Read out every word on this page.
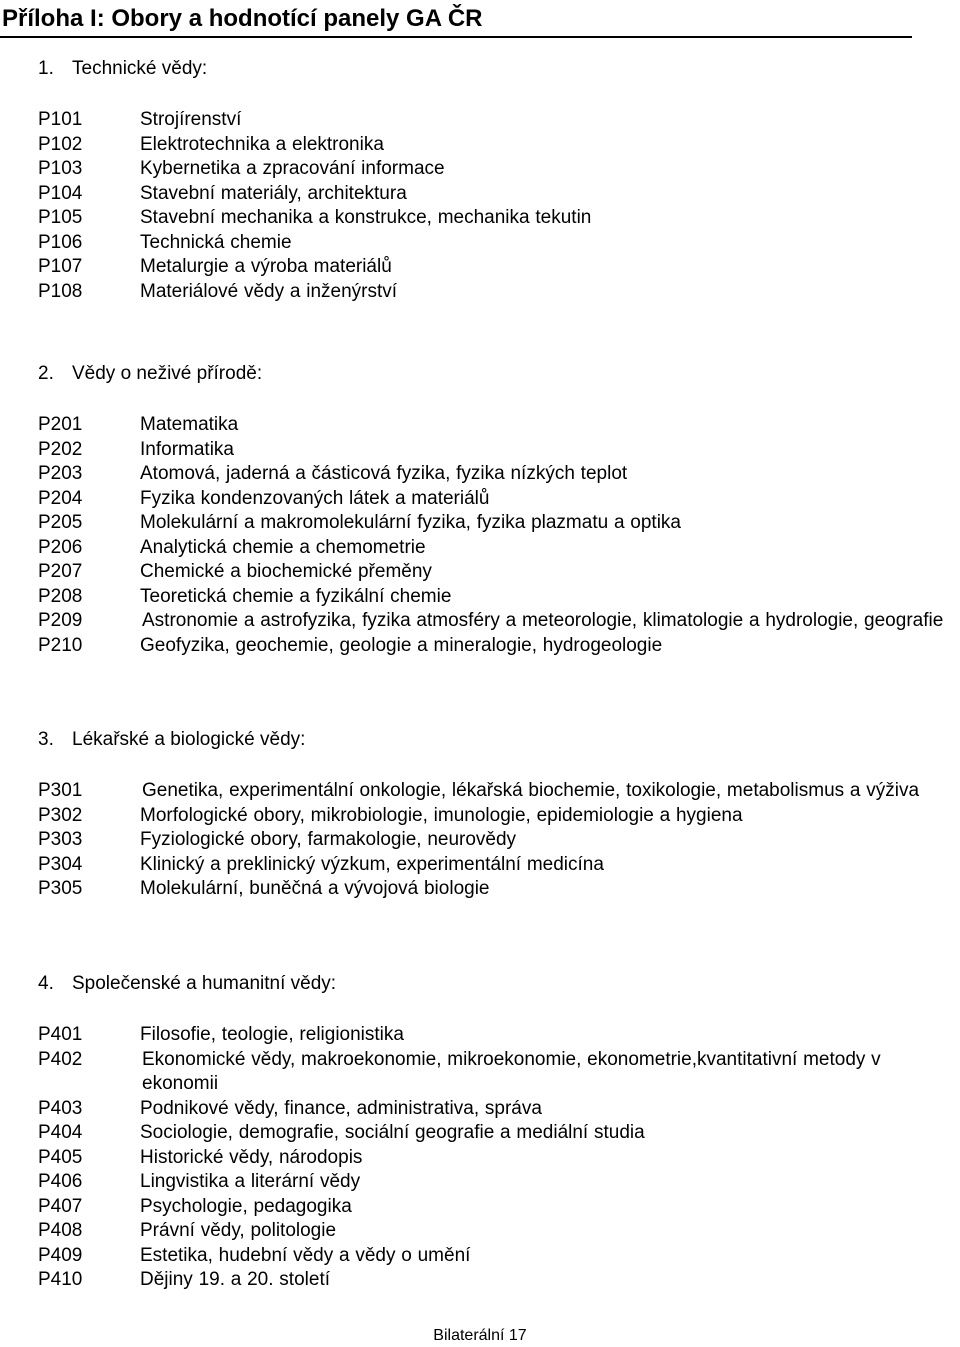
Příloha I: Obory a hodnotící panely GA ČR
1. Technické vědy:
P101	Strojírenství
P102	Elektrotechnika a elektronika
P103	Kybernetika a zpracování informace
P104	Stavební materiály, architektura
P105	Stavební mechanika a konstrukce, mechanika tekutin
P106	Technická chemie
P107	Metalurgie a výroba materiálů
P108	Materiálové vědy a inženýrství
2. Vědy o neživé přírodě:
P201	Matematika
P202	Informatika
P203	Atomová, jaderná a částicová fyzika, fyzika nízkých teplot
P204	Fyzika kondenzovaných látek a materiálů
P205	Molekulární a makromolekulární fyzika, fyzika plazmatu a optika
P206	Analytická chemie a chemometrie
P207	Chemické a biochemické přeměny
P208	Teoretická chemie a fyzikální chemie
P209	Astronomie a astrofyzika, fyzika atmosféry a meteorologie, klimatologie a hydrologie, geografie
P210	Geofyzika, geochemie, geologie a mineralogie, hydrogeologie
3. Lékařské a biologické vědy:
P301	Genetika, experimentální onkologie, lékařská biochemie, toxikologie, metabolismus a výživa
P302	Morfologické obory, mikrobiologie, imunologie, epidemiologie a hygiena
P303	Fyziologické obory, farmakologie, neurovědy
P304	Klinický a preklinický výzkum, experimentální medicína
P305	Molekulární, buněčná a vývojová biologie
4. Společenské a humanitní vědy:
P401	Filosofie, teologie, religionistika
P402	Ekonomické vědy, makroekonomie, mikroekonomie, ekonometrie,kvantitativní metody v ekonomii
P403	Podnikové vědy, finance, administrativa, správa
P404	Sociologie, demografie, sociální geografie a mediální studia
P405	Historické vědy, národopis
P406	Lingvistika a literární vědy
P407	Psychologie, pedagogika
P408	Právní vědy, politologie
P409	Estetika, hudební vědy a vědy o umění
P410	Dějiny 19. a 20. století
Bilaterální 17
